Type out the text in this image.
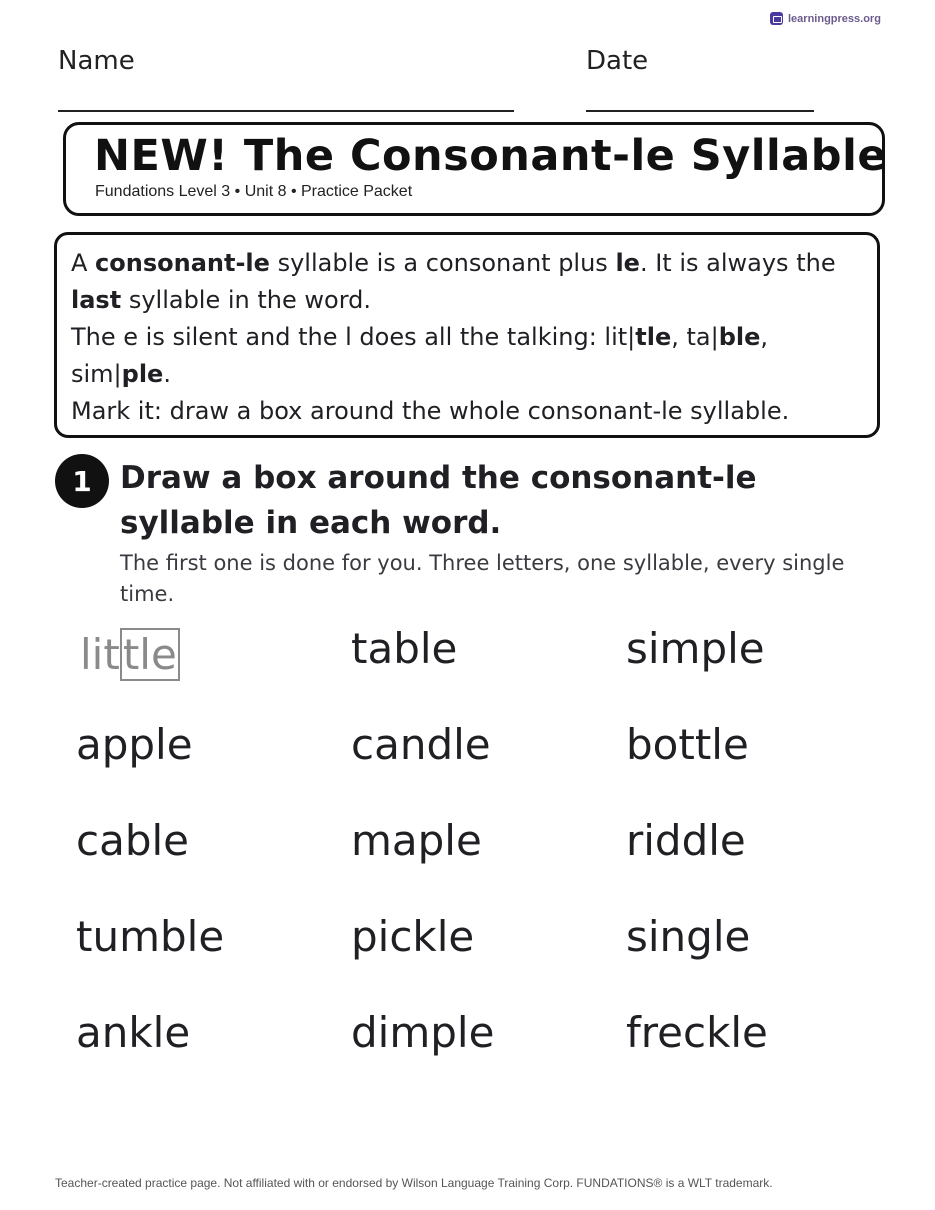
learningpress.org
Name	Date
NEW! The Consonant-le Syllable
Fundations Level 3 • Unit 8 • Practice Packet

A consonant-le syllable is a consonant plus le. It is always the last syllable in the word.

The e is silent and the l does all the talking: lit|tle, ta|ble, sim|ple.

Mark it: draw a box around the whole consonant-le syllable.

1 Draw a box around the consonant-le syllable in each word.
The first one is done for you. Three letters, one syllable, every single time.
little	table	simple
apple	candle	bottle
cable	maple	riddle
tumble	pickle	single
ankle	dimple	freckle
Teacher-created practice page. Not affiliated with or endorsed by Wilson Language Training Corp. FUNDATIONS® is a WLT trademark.
